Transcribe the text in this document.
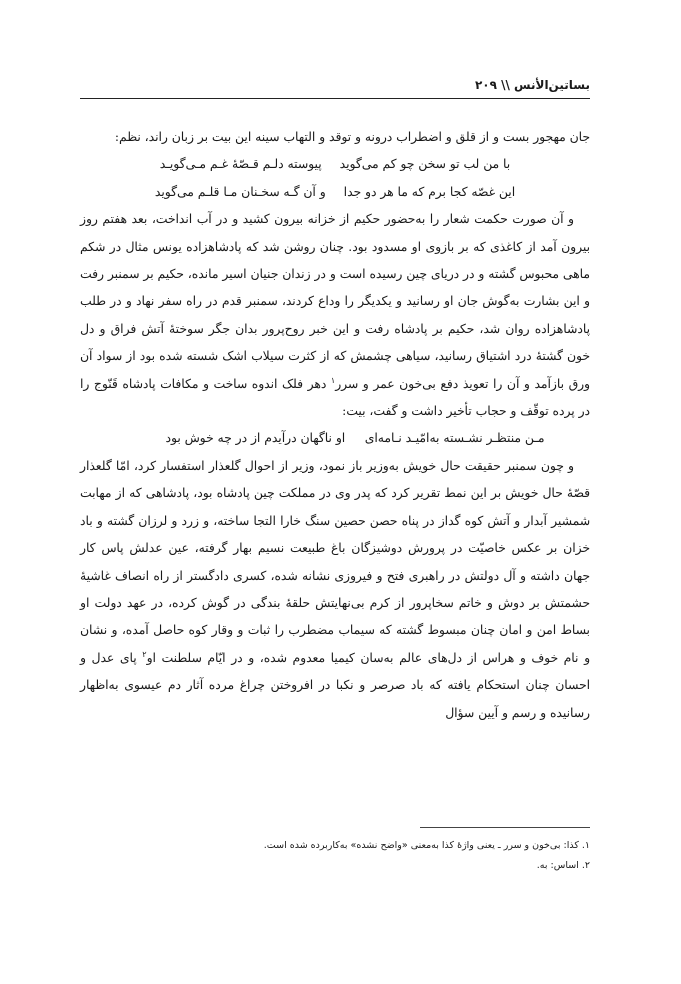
بساتین‌الأنس \\ ۲۰۹

جان مهجور بست و از قلق و اضطراب درونه و توقد و التهاب سینه این بیت بر زبان راند، نظم:

با من لب تو سخن چو کم می‌گوید
پیوسته دلـم قـصّهٔ غـم مـی‌گویـد
این غصّه کجا برم که ما هر دو جدا
و آن گـه سخـنان مـا قلـم می‌گوید

و آن صورت حکمت شعار را به‌حضور حکیم از خزانه بیرون کشید و در آب انداخت، بعد هفتم روز بیرون آمد از کاغذی که بر بازوی او مسدود بود. چنان روشن شد که پادشاهزاده یونس مثال در شکم ماهی محبوس گشته و در دریای چین رسیده است و در زندان جنیان اسیر مانده، حکیم بر سمنبر رفت و این بشارت به‌گوش جان او رسانید و یکدیگر را وداع کردند، سمنبر قدم در راه سفر نهاد و در طلب پادشاهزاده روان شد، حکیم بر پادشاه رفت و این خبر روح‌پرور بدان جگر سوختهٔ آتش فراق و دل خون گشتهٔ درد اشتیاق رسانید، سیاهی چشمش که از کثرت سیلاب اشک شسته شده بود از سواد آن ورق بازآمد و آن را تعویذ دفع بی‌خون عمر و سرر$^۱$ دهر فلک اندوه ساخت و مکافات پادشاه قَنّوج را در پرده توقّف و حجاب تأخیر داشت و گفت، بیت:

مـن منتظـر نشـسته به‌امّیـد نـامه‌ای     او ناگهان درآیدم از در چه خوش بود

و چون سمنبر حقیقت حال خویش به‌وزیر باز نمود، وزیر از احوال گلعذار استفسار کرد، امّا گلعذار قصّهٔ حال خویش بر این نمط تقریر کرد که پدر وی در مملکت چین پادشاه بود، پادشاهی که از مهابت شمشیر آبدار و آتش کوه گداز در پناه حصن حصین سنگ خارا التجا ساخته، و زرد و لرزان گشته و باد خزان بر عکس خاصیّت در پرورش دوشیزگان باغ طبیعت نسیم بهار گرفته، عین عدلش پاس کار جهان داشته و آل دولتش در راهبری فتح و فیروزی نشانه شده، کسری دادگستر از راه انصاف غاشیهٔ حشمتش بر دوش و خاتم سخاپرور از کرم بی‌نهایتش حلقهٔ بندگی در گوش کرده، در عهد دولت او بساط امن و امان چنان مبسوط گشته که سیماب مضطرب را ثبات و وقار کوه حاصل آمده، و نشان و نام خوف و هراس از دل‌های عالم به‌سان کیمیا معدوم شده، و در ایّام سلطنت او$^۲$ پای عدل و احسان چنان استحکام یافته که باد صرصر و نکبا در افروختن چراغ مرده آثار دم عیسوی به‌اظهار رسانیده و رسم و آیین سؤال

۱. کذا: بی‌خون و سرر ـ یعنی واژهٔ کذا به‌معنی «واضح نشده» به‌کاربرده شده است.
۲. اساس: به.
